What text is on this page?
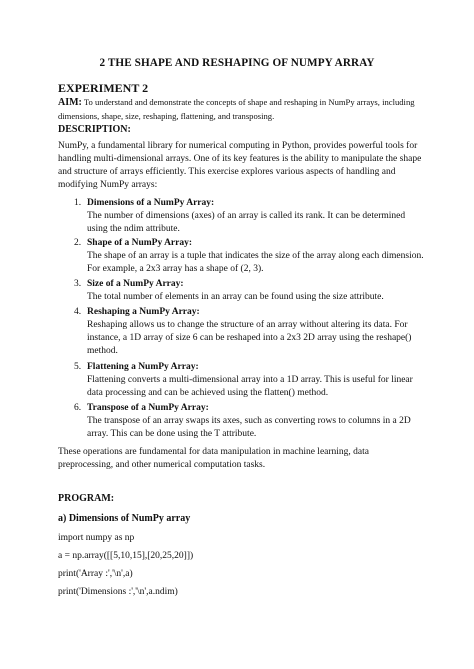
2 THE SHAPE AND RESHAPING OF NUMPY ARRAY
EXPERIMENT 2
AIM: To understand and demonstrate the concepts of shape and reshaping in NumPy arrays, including dimensions, shape, size, reshaping, flattening, and transposing.
DESCRIPTION:
NumPy, a fundamental library for numerical computing in Python, provides powerful tools for handling multi-dimensional arrays. One of its key features is the ability to manipulate the shape and structure of arrays efficiently. This exercise explores various aspects of handling and modifying NumPy arrays:
1. Dimensions of a NumPy Array:
The number of dimensions (axes) of an array is called its rank. It can be determined using the ndim attribute.
2. Shape of a NumPy Array:
The shape of an array is a tuple that indicates the size of the array along each dimension. For example, a 2x3 array has a shape of (2, 3).
3. Size of a NumPy Array:
The total number of elements in an array can be found using the size attribute.
4. Reshaping a NumPy Array:
Reshaping allows us to change the structure of an array without altering its data. For instance, a 1D array of size 6 can be reshaped into a 2x3 2D array using the reshape() method.
5. Flattening a NumPy Array:
Flattening converts a multi-dimensional array into a 1D array. This is useful for linear data processing and can be achieved using the flatten() method.
6. Transpose of a NumPy Array:
The transpose of an array swaps its axes, such as converting rows to columns in a 2D array. This can be done using the T attribute.
These operations are fundamental for data manipulation in machine learning, data preprocessing, and other numerical computation tasks.
PROGRAM:
a) Dimensions of NumPy array
import numpy as np
a = np.array([[5,10,15],[20,25,20]])
print('Array :','\n',a)
print('Dimensions :','\n',a.ndim)
